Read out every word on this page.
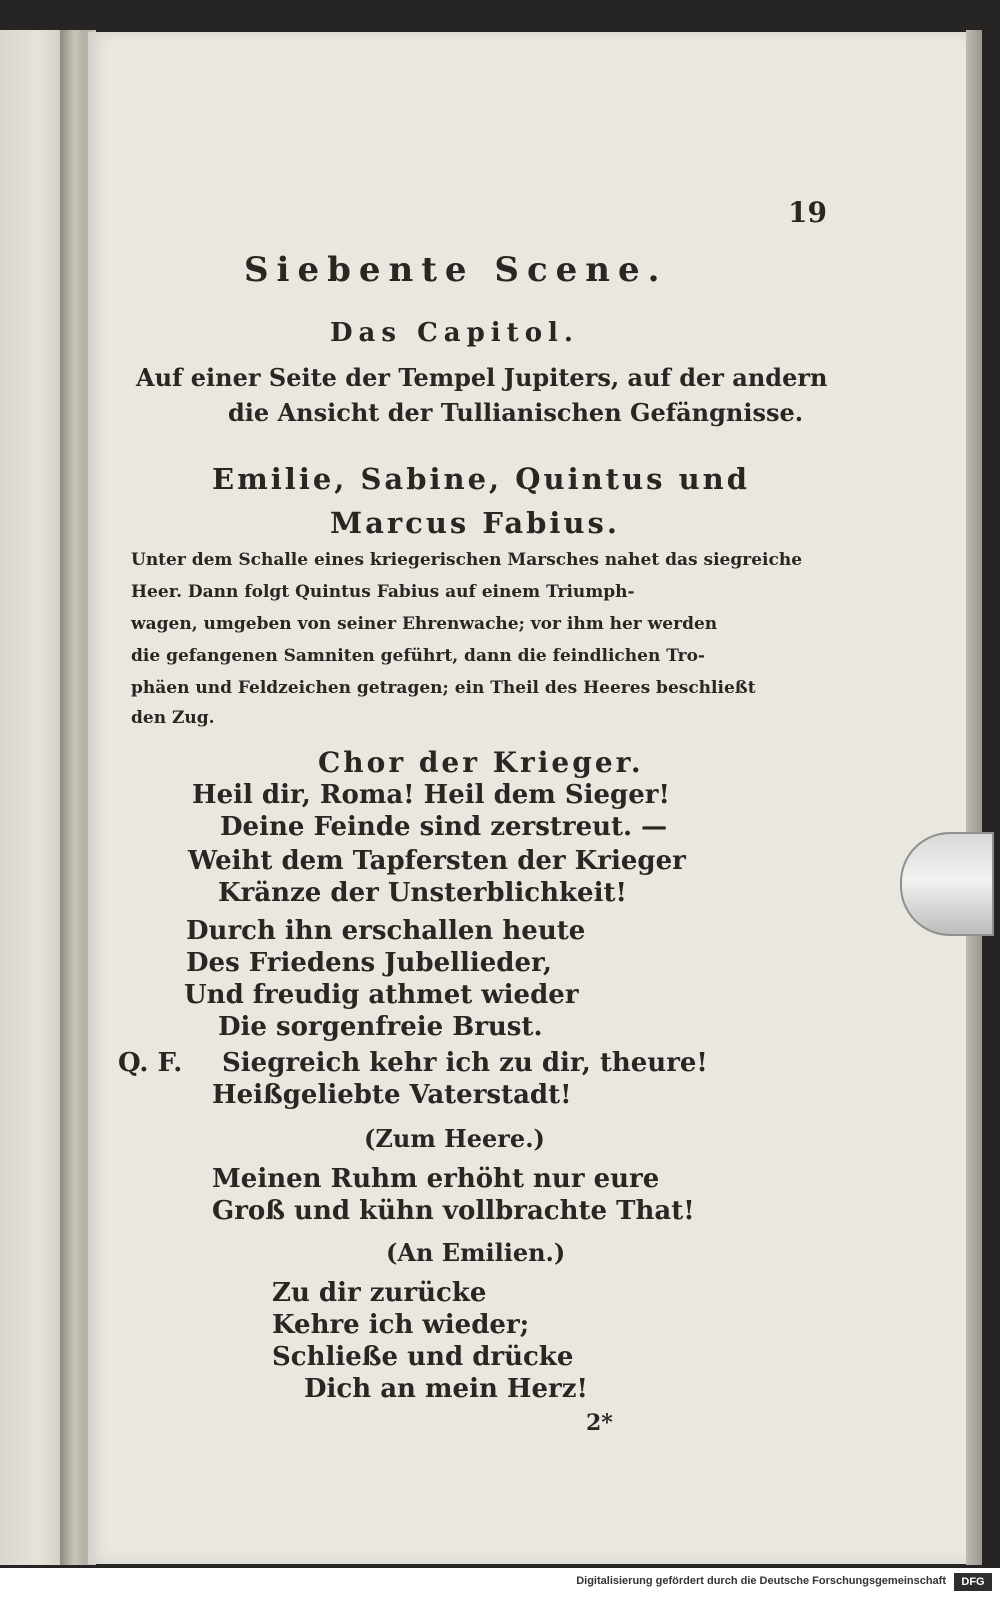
19
Siebente Scene.
Das Capitol.
Auf einer Seite der Tempel Jupiters, auf der andern
die Ansicht der Tullianischen Gefängnisse.
Emilie, Sabine, Quintus und
Marcus Fabius.
Unter dem Schalle eines kriegerischen Marsches nahet das siegreiche
Heer. Dann folgt Quintus Fabius auf einem Triumph-
wagen, umgeben von seiner Ehrenwache; vor ihm her werden
die gefangenen Samniten geführt, dann die feindlichen Tro-
phäen und Feldzeichen getragen; ein Theil des Heeres beschließt
den Zug.
Chor der Krieger.
Heil dir, Roma! Heil dem Sieger!
Deine Feinde sind zerstreut. —
Weiht dem Tapfersten der Krieger
Kränze der Unsterblichkeit!
Durch ihn erschallen heute
Des Friedens Jubellieder,
Und freudig athmet wieder
Die sorgenfreie Brust.
Q. F. Siegreich kehr ich zu dir, theure!
Heißgeliebte Vaterstadt!
(Zum Heere.)
Meinen Ruhm erhöht nur eure
Groß und kühn vollbrachte That!
(An Emilien.)
Zu dir zurücke
Kehre ich wieder;
Schließe und drücke
Dich an mein Herz!
2*
Digitalisierung gefördert durch die Deutsche Forschungsgemeinschaft	DFG
